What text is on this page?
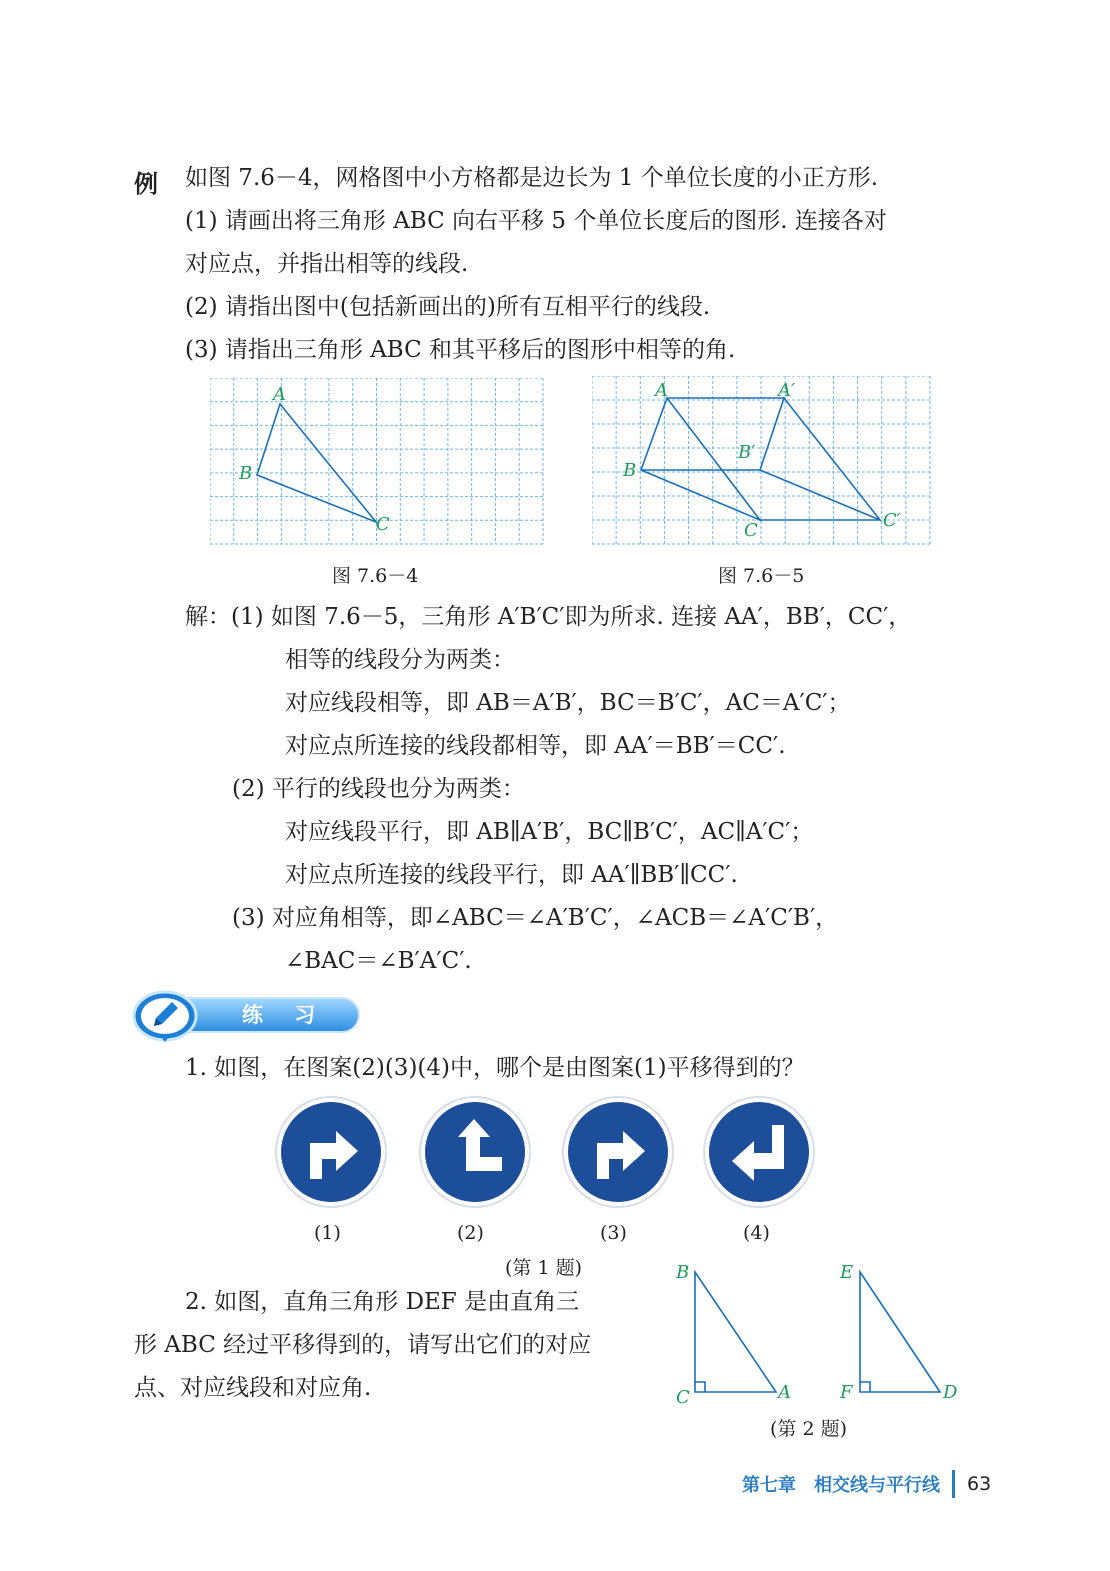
例 如图 7.6－4，网格图中小方格都是边长为 1 个单位长度的小正方形.
(1) 请画出将三角形 ABC 向右平移 5 个单位长度后的图形. 连接各对
对应点，并指出相等的线段.
(2) 请指出图中(包括新画出的)所有互相平行的线段.
(3) 请指出三角形 ABC 和其平移后的图形中相等的角.
A
B
C
图 7.6－4
A	A′
B′
B
C	C′
图 7.6－5
解：(1) 如图 7.6－5，三角形 A′B′C′即为所求. 连接 AA′，BB′，CC′，
相等的线段分为两类：
对应线段相等，即 AB＝A′B′，BC＝B′C′，AC＝A′C′；
对应点所连接的线段都相等，即 AA′＝BB′＝CC′.
(2) 平行的线段也分为两类：
对应线段平行，即 AB∥A′B′，BC∥B′C′，AC∥A′C′；
对应点所连接的线段平行，即 AA′∥BB′∥CC′.
(3) 对应角相等，即∠ABC＝∠A′B′C′，∠ACB＝∠A′C′B′，
∠BAC＝∠B′A′C′.
练 习
1. 如图，在图案(2)(3)(4)中，哪个是由图案(1)平移得到的？
(1)	(2)	(3)	(4)
(第 1 题)
2. 如图，直角三角形 DEF 是由直角三
形 ABC 经过平移得到的，请写出它们的对应
点、对应线段和对应角.
B
C	A
E
F	D
(第 2 题)
第七章　相交线与平行线 63
